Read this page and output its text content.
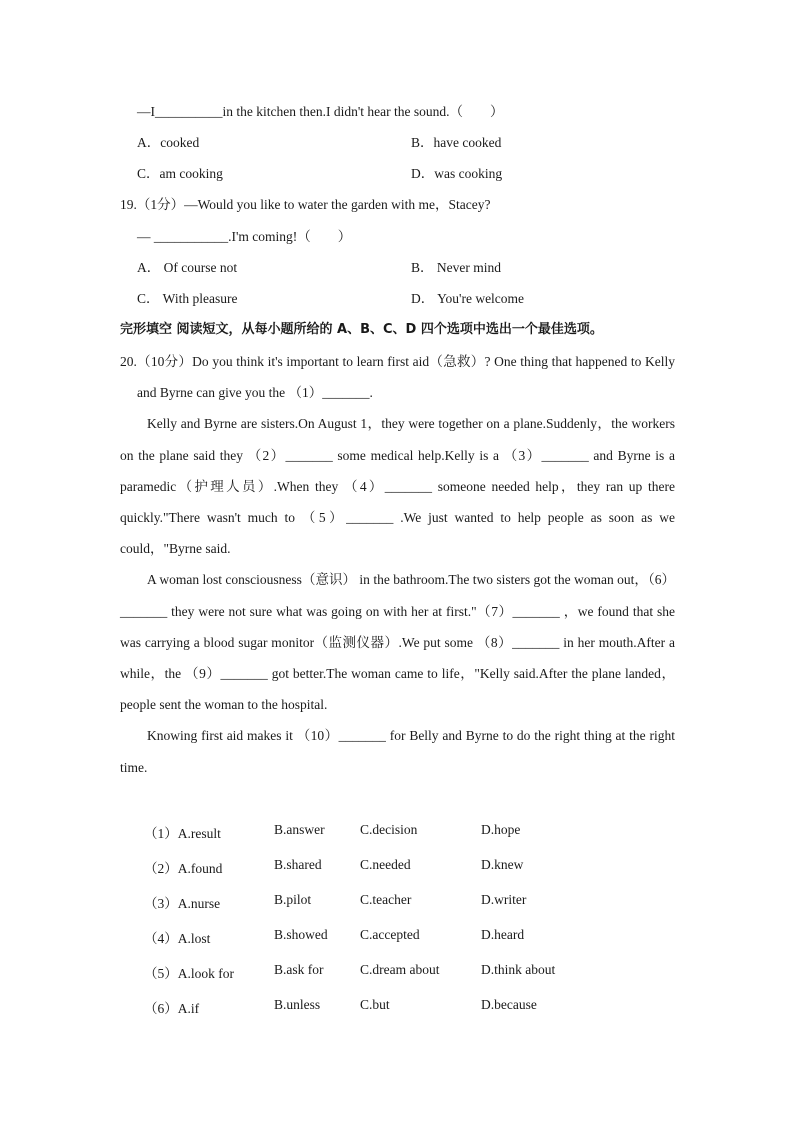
—I__________in the kitchen then.I didn't hear the sound.（　　）
A．cooked	B．have cooked
C．am cooking	D．was cooking
19.（1分）—Would you like to water the garden with me，Stacey?
— ___________.I'm coming!（　　）
A． Of course not	B． Never mind
C． With pleasure	D． You're welcome
完形填空 阅读短文，从每小题所给的 A、B、C、D 四个选项中选出一个最佳选项。

20.（10分）Do you think it's important to learn first aid（急救）? One thing that happened to Kelly and Byrne can give you the （1）_______.

Kelly and Byrne are sisters.On August 1，they were together on a plane.Suddenly，the workers on the plane said they （2）_______ some medical help.Kelly is a （3）_______ and Byrne is a paramedic（护理人员）.When they （4）_______ someone needed help，they ran up there quickly."There wasn't much to （5）_______ .We just wanted to help people as soon as we could，"Byrne said.

A woman lost consciousness（意识） in the bathroom.The two sisters got the woman out，（6）_______ they were not sure what was going on with her at first."（7）_______ ，we found that she was carrying a blood sugar monitor（监测仪器）.We put some （8）_______ in her mouth.After a while，the （9）_______ got better.The woman came to life，"Kelly said.After the plane landed，people sent the woman to the hospital.

Knowing first aid makes it （10）_______ for Belly and Byrne to do the right thing at the right time.

（1）A.result	B.answer	C.decision	D.hope
（2）A.found	B.shared	C.needed	D.knew
（3）A.nurse	B.pilot	C.teacher	D.writer
（4）A.lost	B.showed	C.accepted	D.heard
（5）A.look for	B.ask for	C.dream about	D.think about
（6）A.if	B.unless	C.but	D.because
